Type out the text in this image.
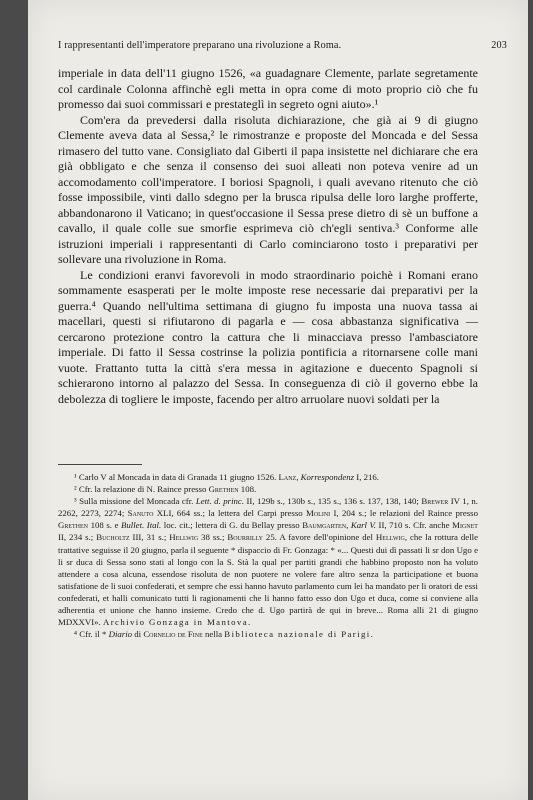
I rappresentanti dell'imperatore preparano una rivoluzione a Roma.	203

imperiale in data dell'11 giugno 1526, «a guadagnare Clemente, parlate segretamente col cardinale Colonna affinchè egli metta in opra come di moto proprio ciò che fu promesso dai suoi commissari e prestateglì in segreto ogni aiuto».¹

Com'era da prevedersi dalla risoluta dichiarazione, che già ai 9 di giugno Clemente aveva data al Sessa,² le rimostranze e proposte del Moncada e del Sessa rimasero del tutto vane. Consigliato dal Giberti il papa insistette nel dichiarare che era già obbligato e che senza il consenso dei suoi alleati non poteva venire ad un accomodamento coll'imperatore. I boriosi Spagnoli, i quali avevano ritenuto che ciò fosse impossibile, vinti dallo sdegno per la brusca ripulsa delle loro larghe profferte, abbandonarono il Vaticano; in quest'occasione il Sessa prese dietro di sè un buffone a cavallo, il quale colle sue smorfie esprimeva ciò ch'egli sentiva.³ Conforme alle istruzioni imperiali i rappresentanti di Carlo cominciarono tosto i preparativi per sollevare una rivoluzione in Roma.

Le condizioni eranvi favorevoli in modo straordinario poichè i Romani erano sommamente esasperati per le molte imposte rese necessarie dai preparativi per la guerra.⁴ Quando nell'ultima settimana di giugno fu imposta una nuova tassa ai macellari, questi si rifiutarono di pagarla e — cosa abbastanza significativa — cercarono protezione contro la cattura che li minacciava presso l'ambasciatore imperiale. Di fatto il Sessa costrinse la polizia pontificia a ritornarsene colle mani vuote. Frattanto tutta la città s'era messa in agitazione e duecento Spagnoli si schierarono intorno al palazzo del Sessa. In conseguenza di ciò il governo ebbe la debolezza di togliere le imposte, facendo per altro arruolare nuovi soldati per la

¹ Carlo V al Moncada in data di Granada 11 giugno 1526. Lanz, Korrespondenz I, 216.

² Cfr. la relazione di N. Raince presso Grethen 108.

³ Sulla missione del Moncada cfr. Lett. d. princ. II, 129b s., 130b s., 135 s., 136 s. 137, 138, 140; Brewer IV 1, n. 2262, 2273, 2274; Sanuto XLI, 664 ss.; la lettera del Carpi presso Molini I, 204 s.; le relazioni del Raince presso Grethen 108 s. e Bullet. Ital. loc. cit.; lettera di G. du Bellay presso Baumgarten, Karl V. II, 710 s. Cfr. anche Mignet II, 234 s.; Bucholtz III, 31 s.; Hellwig 38 ss.; Bourrilly 25. A favore dell'opinione del Hellwig, che la rottura delle trattative seguisse il 20 giugno, parla il seguente * dispaccio di Fr. Gonzaga: * «... Questi dui dì passati li sr don Ugo e li sr duca di Sessa sono stati al longo con la S. Stà la qual per partiti grandi che habbino proposto non ha voluto attendere a cosa alcuna, essendose risoluta de non puotere ne volere fare altro senza la participatione et buona satisfatione de li suoi confederati, et sempre che essi hanno havuto parlamento cum lei ha mandato per li oratori de essi confederati, et halli comunicato tutti li ragionamenti che li hanno fatto esso don Ugo et duca, come si conviene alla adherentia et unione che hanno insieme. Credo che d. Ugo partirà de qui in breve... Roma alli 21 di giugno MDXXVI». Archivio Gonzaga in Mantova.

⁴ Cfr. il * Diario di Cornelio de Fine nella Biblioteca nazionale di Parigi.
